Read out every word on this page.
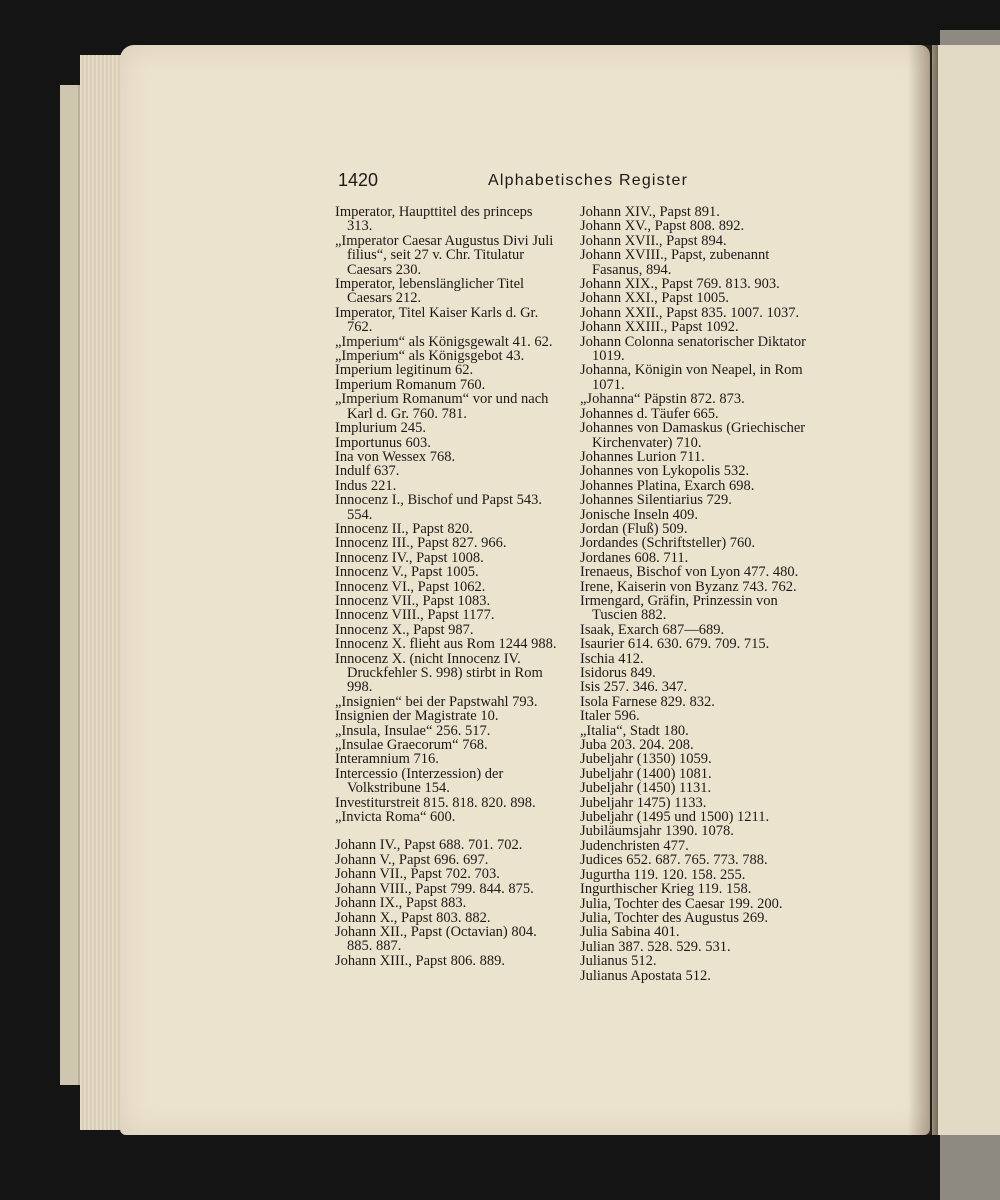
1420	Alphabetisches Register
Imperator, Haupttitel des princeps 313.
„Imperator Caesar Augustus Divi Juli filius“, seit 27 v. Chr. Titulatur Caesars 230.
Imperator, lebenslänglicher Titel Caesars 212.
Imperator, Titel Kaiser Karls d. Gr. 762.
„Imperium“ als Königsgewalt 41. 62.
„Imperium“ als Königsgebot 43.
Imperium legitinum 62.
Imperium Romanum 760.
„Imperium Romanum“ vor und nach Karl d. Gr. 760. 781.
Implurium 245.
Importunus 603.
Ina von Wessex 768.
Indulf 637.
Indus 221.
Innocenz I., Bischof und Papst 543. 554.
Innocenz II., Papst 820.
Innocenz III., Papst 827. 966.
Innocenz IV., Papst 1008.
Innocenz V., Papst 1005.
Innocenz VI., Papst 1062.
Innocenz VII., Papst 1083.
Innocenz VIII., Papst 1177.
Innocenz X., Papst 987.
Innocenz X. flieht aus Rom 1244 988.
Innocenz X. (nicht Innocenz IV. Druckfehler S. 998) stirbt in Rom 998.
„Insignien“ bei der Papstwahl 793.
Insignien der Magistrate 10.
„Insula, Insulae“ 256. 517.
„Insulae Graecorum“ 768.
Interamnium 716.
Intercessio (Interzession) der Volkstribune 154.
Investiturstreit 815. 818. 820. 898.
„Invicta Roma“ 600.
Johann IV., Papst 688. 701. 702.
Johann V., Papst 696. 697.
Johann VII., Papst 702. 703.
Johann VIII., Papst 799. 844. 875.
Johann IX., Papst 883.
Johann X., Papst 803. 882.
Johann XII., Papst (Octavian) 804. 885. 887.
Johann XIII., Papst 806. 889.
Johann XIV., Papst 891.
Johann XV., Papst 808. 892.
Johann XVII., Papst 894.
Johann XVIII., Papst, zubenannt Fasanus, 894.
Johann XIX., Papst 769. 813. 903.
Johann XXI., Papst 1005.
Johann XXII., Papst 835. 1007. 1037.
Johann XXIII., Papst 1092.
Johann Colonna senatorischer Diktator 1019.
Johanna, Königin von Neapel, in Rom 1071.
„Johanna“ Päpstin 872. 873.
Johannes d. Täufer 665.
Johannes von Damaskus (Griechischer Kirchenvater) 710.
Johannes Lurion 711.
Johannes von Lykopolis 532.
Johannes Platina, Exarch 698.
Johannes Silentiarius 729.
Jonische Inseln 409.
Jordan (Fluß) 509.
Jordandes (Schriftsteller) 760.
Jordanes 608. 711.
Irenaeus, Bischof von Lyon 477. 480.
Irene, Kaiserin von Byzanz 743. 762.
Irmengard, Gräfin, Prinzessin von Tuscien 882.
Isaak, Exarch 687—689.
Isaurier 614. 630. 679. 709. 715.
Ischia 412.
Isidorus 849.
Isis 257. 346. 347.
Isola Farnese 829. 832.
Italer 596.
„Italia“, Stadt 180.
Juba 203. 204. 208.
Jubeljahr (1350) 1059.
Jubeljahr (1400) 1081.
Jubeljahr (1450) 1131.
Jubeljahr 1475) 1133.
Jubeljahr (1495 und 1500) 1211.
Jubiläumsjahr 1390. 1078.
Judenchristen 477.
Judices 652. 687. 765. 773. 788.
Jugurtha 119. 120. 158. 255.
Ingurthischer Krieg 119. 158.
Julia, Tochter des Caesar 199. 200.
Julia, Tochter des Augustus 269.
Julia Sabina 401.
Julian 387. 528. 529. 531.
Julianus 512.
Julianus Apostata 512.
